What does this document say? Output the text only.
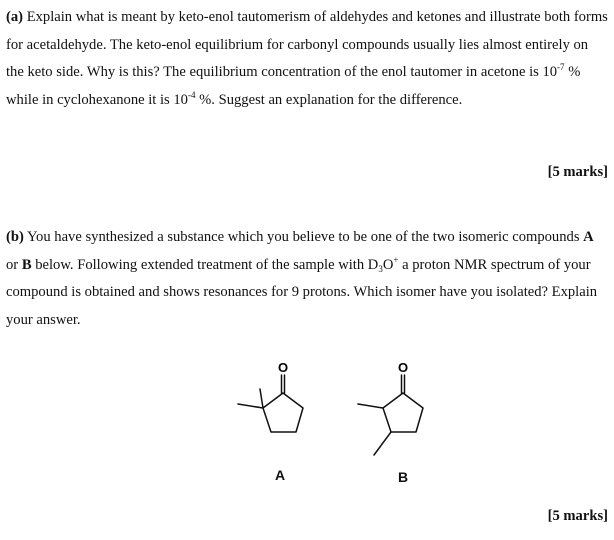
(a) Explain what is meant by keto-enol tautomerism of aldehydes and ketones and illustrate both forms for acetaldehyde. The keto-enol equilibrium for carbonyl compounds usually lies almost entirely on the keto side. Why is this? The equilibrium concentration of the enol tautomer in acetone is $10^{-7}$ % while in cyclohexanone it is $10^{-4}$ %. Suggest an explanation for the difference.

[5 marks]

(b) You have synthesized a substance which you believe to be one of the two isomeric compounds A or B below. Following extended treatment of the sample with $D_3O^+$ a proton NMR spectrum of your compound is obtained and shows resonances for 9 protons. Which isomer have you isolated? Explain your answer.

O

A

O

B

[5 marks]
